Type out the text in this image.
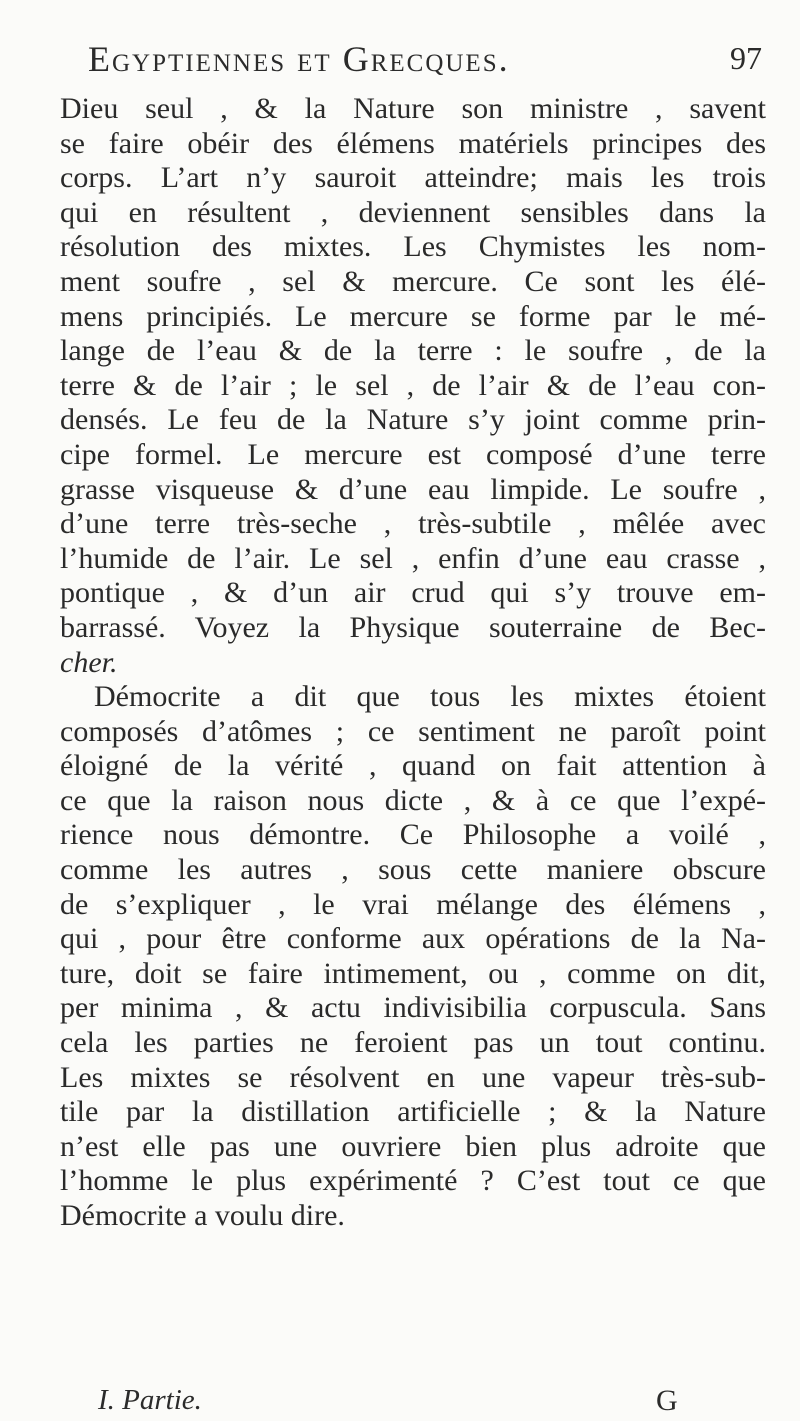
Egyptiennes et Grecques.	97
Dieu seul , & la Nature son ministre , savent
se faire obéir des élémens matériels principes des
corps. L’art n’y sauroit atteindre; mais les trois
qui en résultent , deviennent sensibles dans la
résolution des mixtes. Les Chymistes les nom-
ment soufre , sel & mercure. Ce sont les élé-
mens principiés. Le mercure se forme par le mé-
lange de l’eau & de la terre : le soufre , de la
terre & de l’air ; le sel , de l’air & de l’eau con-
densés. Le feu de la Nature s’y joint comme prin-
cipe formel. Le mercure est composé d’une terre
grasse visqueuse & d’une eau limpide. Le soufre ,
d’une terre très-seche , très-subtile , mêlée avec
l’humide de l’air. Le sel , enfin d’une eau crasse ,
pontique , & d’un air crud qui s’y trouve em-
barrassé. Voyez la Physique souterraine de Bec-
cher.
Démocrite a dit que tous les mixtes étoient
composés d’atômes ; ce sentiment ne paroît point
éloigné de la vérité , quand on fait attention à
ce que la raison nous dicte , & à ce que l’expé-
rience nous démontre. Ce Philosophe a voilé ,
comme les autres , sous cette maniere obscure
de s’expliquer , le vrai mélange des élémens ,
qui , pour être conforme aux opérations de la Na-
ture, doit se faire intimement, ou , comme on dit,
per minima , & actu indivisibilia corpuscula. Sans
cela les parties ne feroient pas un tout continu.
Les mixtes se résolvent en une vapeur très-sub-
tile par la distillation artificielle ; & la Nature
n’est elle pas une ouvriere bien plus adroite que
l’homme le plus expérimenté ? C’est tout ce que
Démocrite a voulu dire.
I. Partie.	G
